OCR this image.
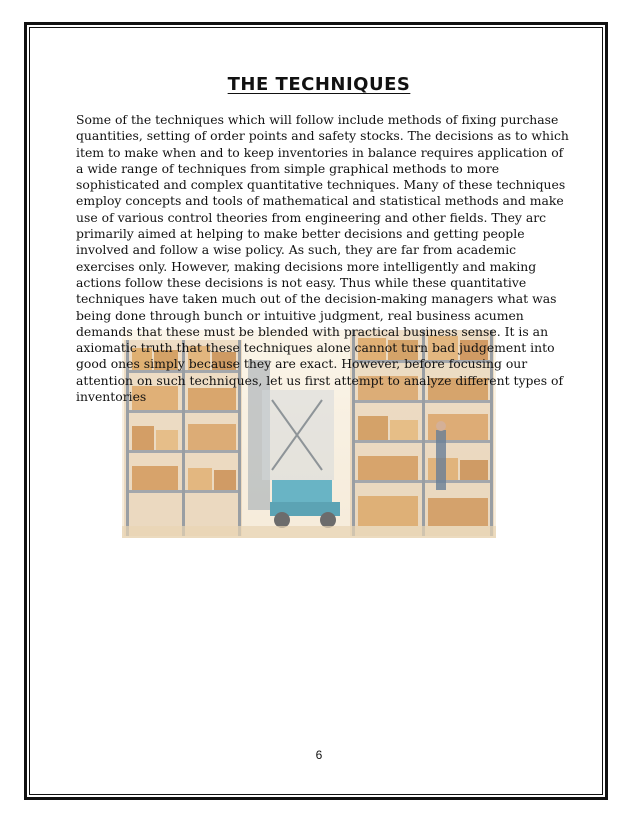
THE TECHNIQUES

Some of the techniques which will follow include methods of fixing purchase quantities, setting of order points and safety stocks. The decisions as to which item to make when and to keep inventories in balance requires application of a wide range of techniques from simple graphical methods to more sophisticated and complex quantitative techniques. Many of these techniques employ concepts and tools of mathematical and statistical methods and make use of various control theories from engineering and other fields. They arc primarily aimed at helping to make better decisions and getting people involved and follow a wise policy. As such, they are far from academic exercises only. However, making decisions more intelligently and making actions follow these decisions is not easy. Thus while these quantitative techniques have taken much out of the decision-making managers what was being done through bunch or intuitive judgment, real business acumen demands that these must be blended with practical business sense. It is an axiomatic truth that these techniques alone cannot turn bad judgement into good ones simply because they are exact. However, before focusing our attention on such techniques, let us first attempt to analyze different types of inventories

6
